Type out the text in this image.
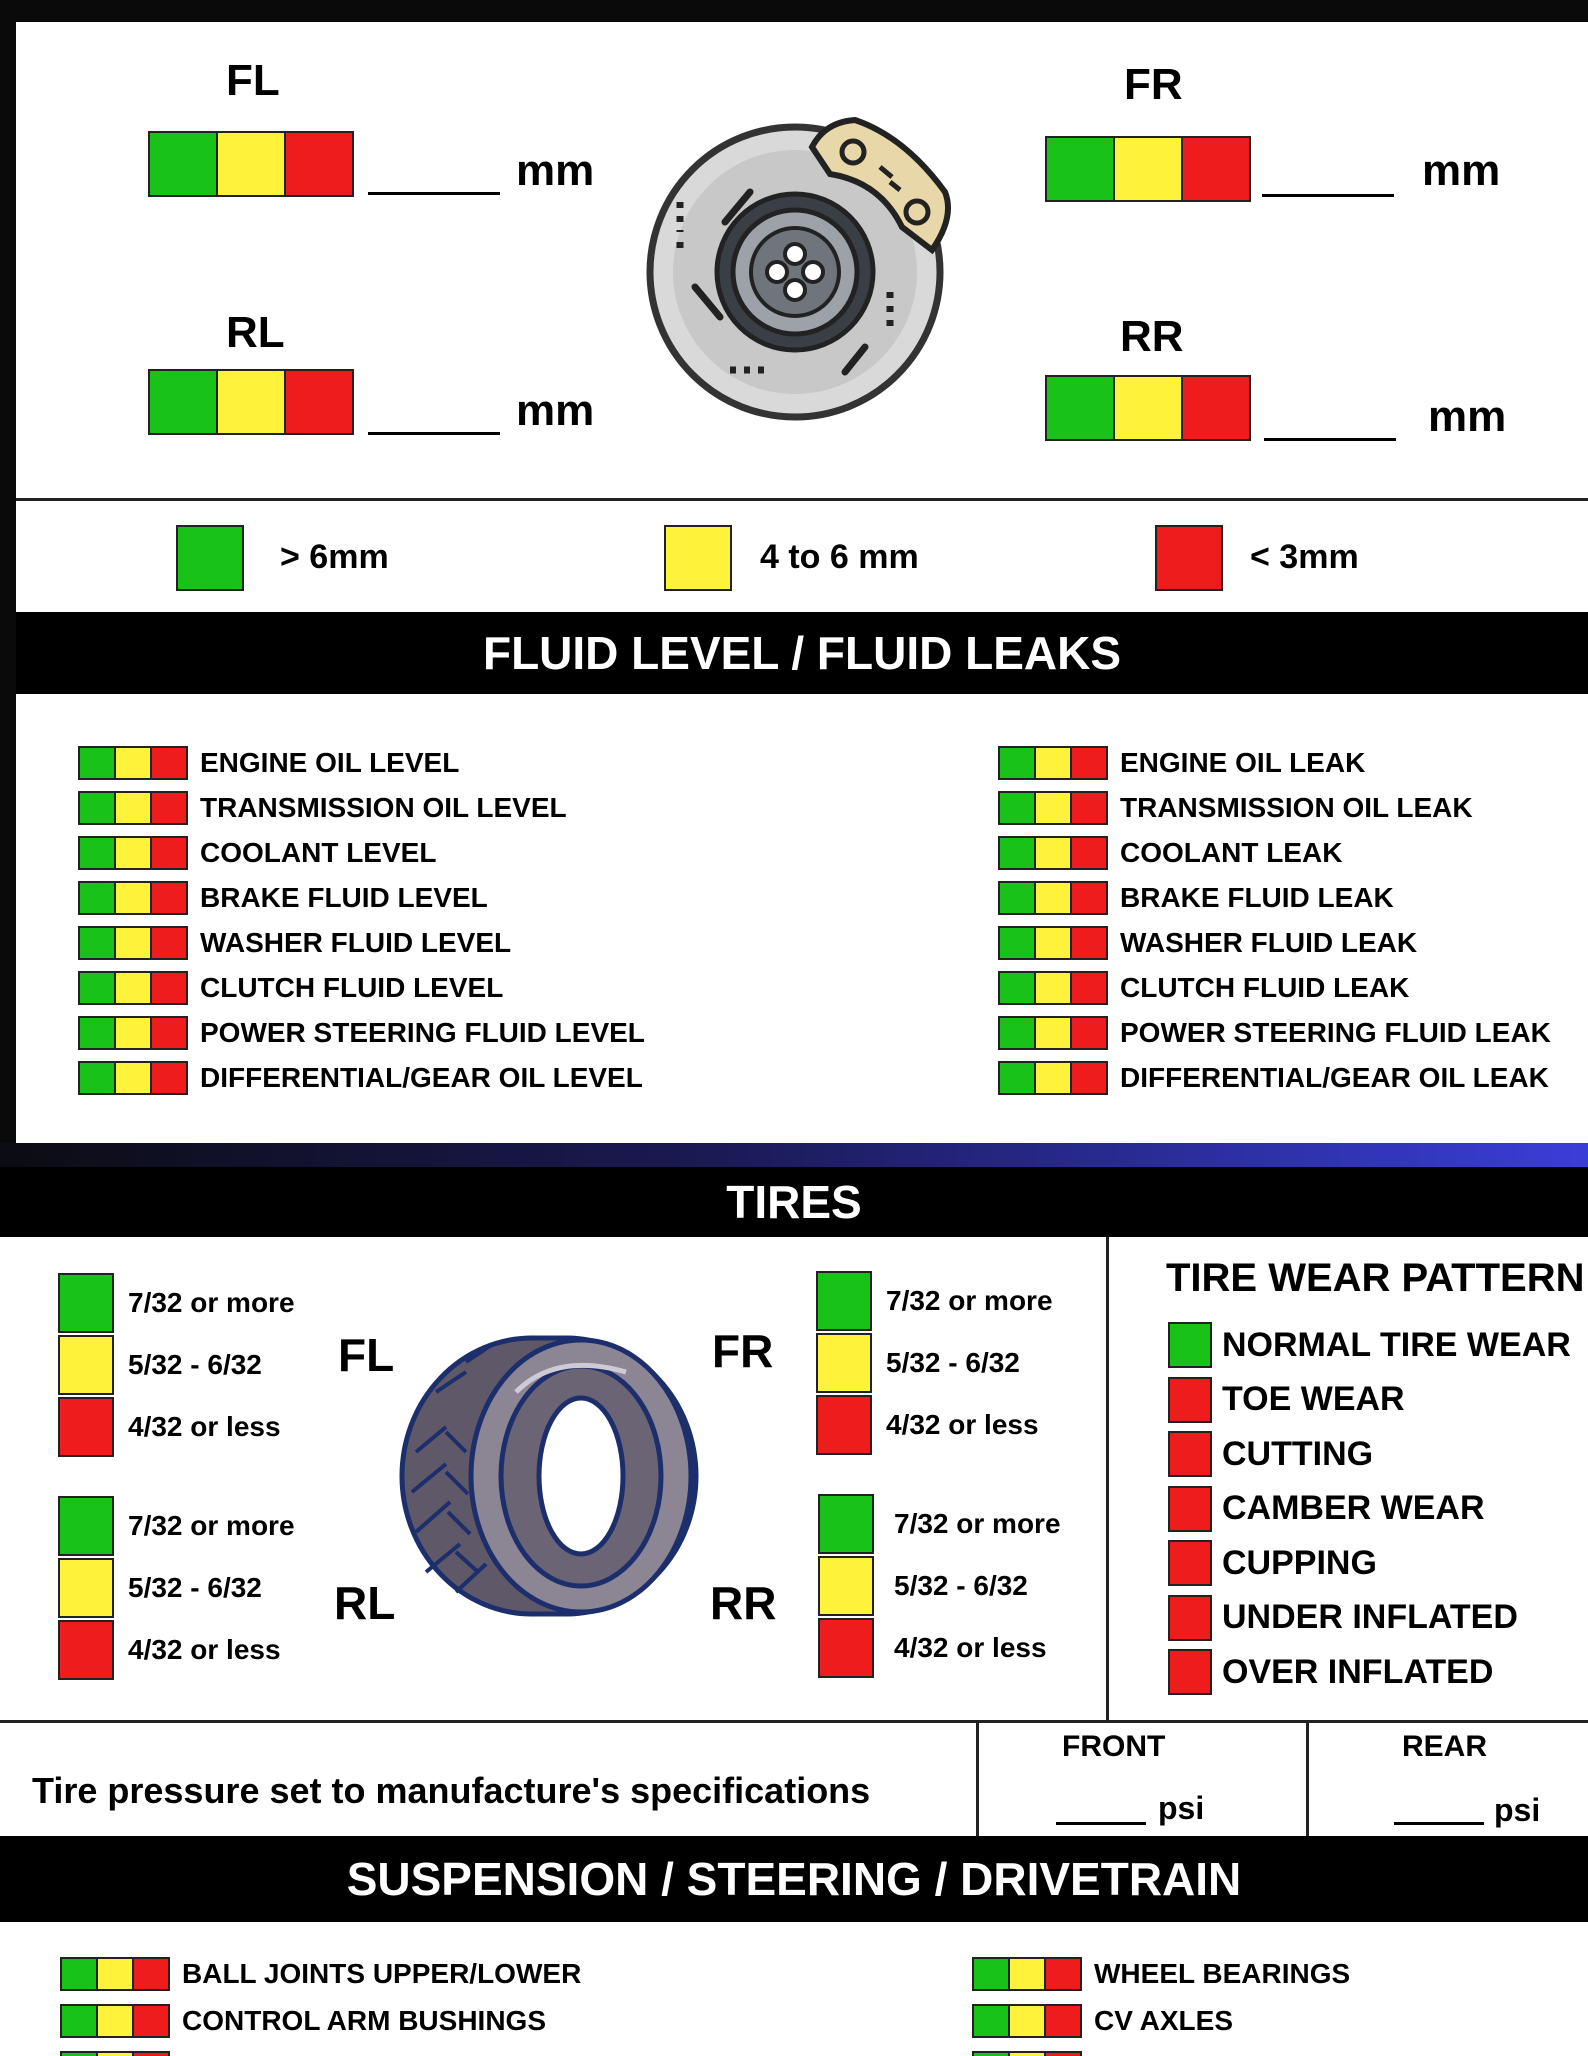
FL
mm
RL
mm
FR
mm
RR
mm
> 6mm	4 to 6 mm	< 3mm
FLUID LEVEL / FLUID LEAKS
ENGINE OIL LEVEL
TRANSMISSION OIL LEVEL
COOLANT LEVEL
BRAKE FLUID LEVEL
WASHER FLUID LEVEL
CLUTCH FLUID LEVEL
POWER STEERING FLUID LEVEL
DIFFERENTIAL/GEAR OIL LEVEL
ENGINE OIL LEAK
TRANSMISSION OIL LEAK
COOLANT LEAK
BRAKE FLUID LEAK
WASHER FLUID LEAK
CLUTCH FLUID LEAK
POWER STEERING FLUID LEAK
DIFFERENTIAL/GEAR OIL LEAK
TIRES
7/32 or more
5/32 - 6/32
4/32 or less
FL
7/32 or more
5/32 - 6/32
4/32 or less
RL
FR
7/32 or more
5/32 - 6/32
4/32 or less
RR
7/32 or more
5/32 - 6/32
4/32 or less
TIRE WEAR PATTERN
NORMAL TIRE WEAR
TOE WEAR
CUTTING
CAMBER WEAR
CUPPING
UNDER INFLATED
OVER INFLATED
Tire pressure set to manufacture's specifications
FRONT
psi
REAR
psi
SUSPENSION / STEERING / DRIVETRAIN
BALL JOINTS UPPER/LOWER
CONTROL ARM BUSHINGS
WHEEL BEARINGS
CV AXLES
